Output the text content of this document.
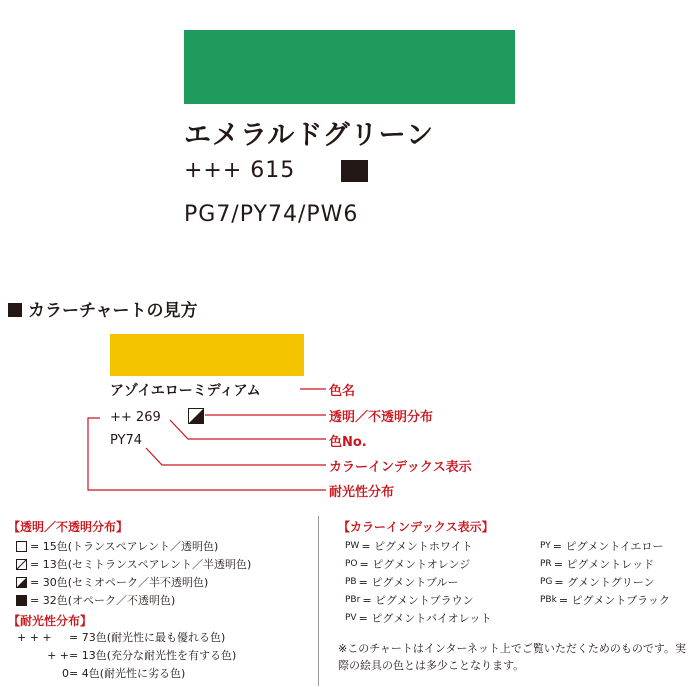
エメラルドグリーン
+++ 615
PG7/PY74/PW6
カラーチャートの見方
アゾイエローミディアム
++ 269
PY74
色名
透明／不透明分布
色No.
カラーインデックス表示
耐光性分布
【透明／不透明分布】
= 15色(トランスペアレント／透明色)
= 13色(セミトランスペアレント／半透明色)
= 30色(セミオペーク／半不透明色)
= 32色(オペーク／不透明色)
【耐光性分布】
+ + +	= 73色(耐光性に最も優れる色)
+ + = 13色(充分な耐光性を有する色)
0 = 4色(耐光性に劣る色)
【カラーインデックス表示】
PW = ピグメントホワイト
PO = ピグメントオレンジ
PB = ピグメントブルー
PBr = ピグメントブラウン
PV = ピグメントバイオレット
PY = ピグメントイエロー
PR = ピグメントレッド
PG = グメントグリーン
PBk = ピグメントブラック
※このチャートはインターネット上でご覧いただくためのものです。実際の絵具の色とは多少ことなります。
